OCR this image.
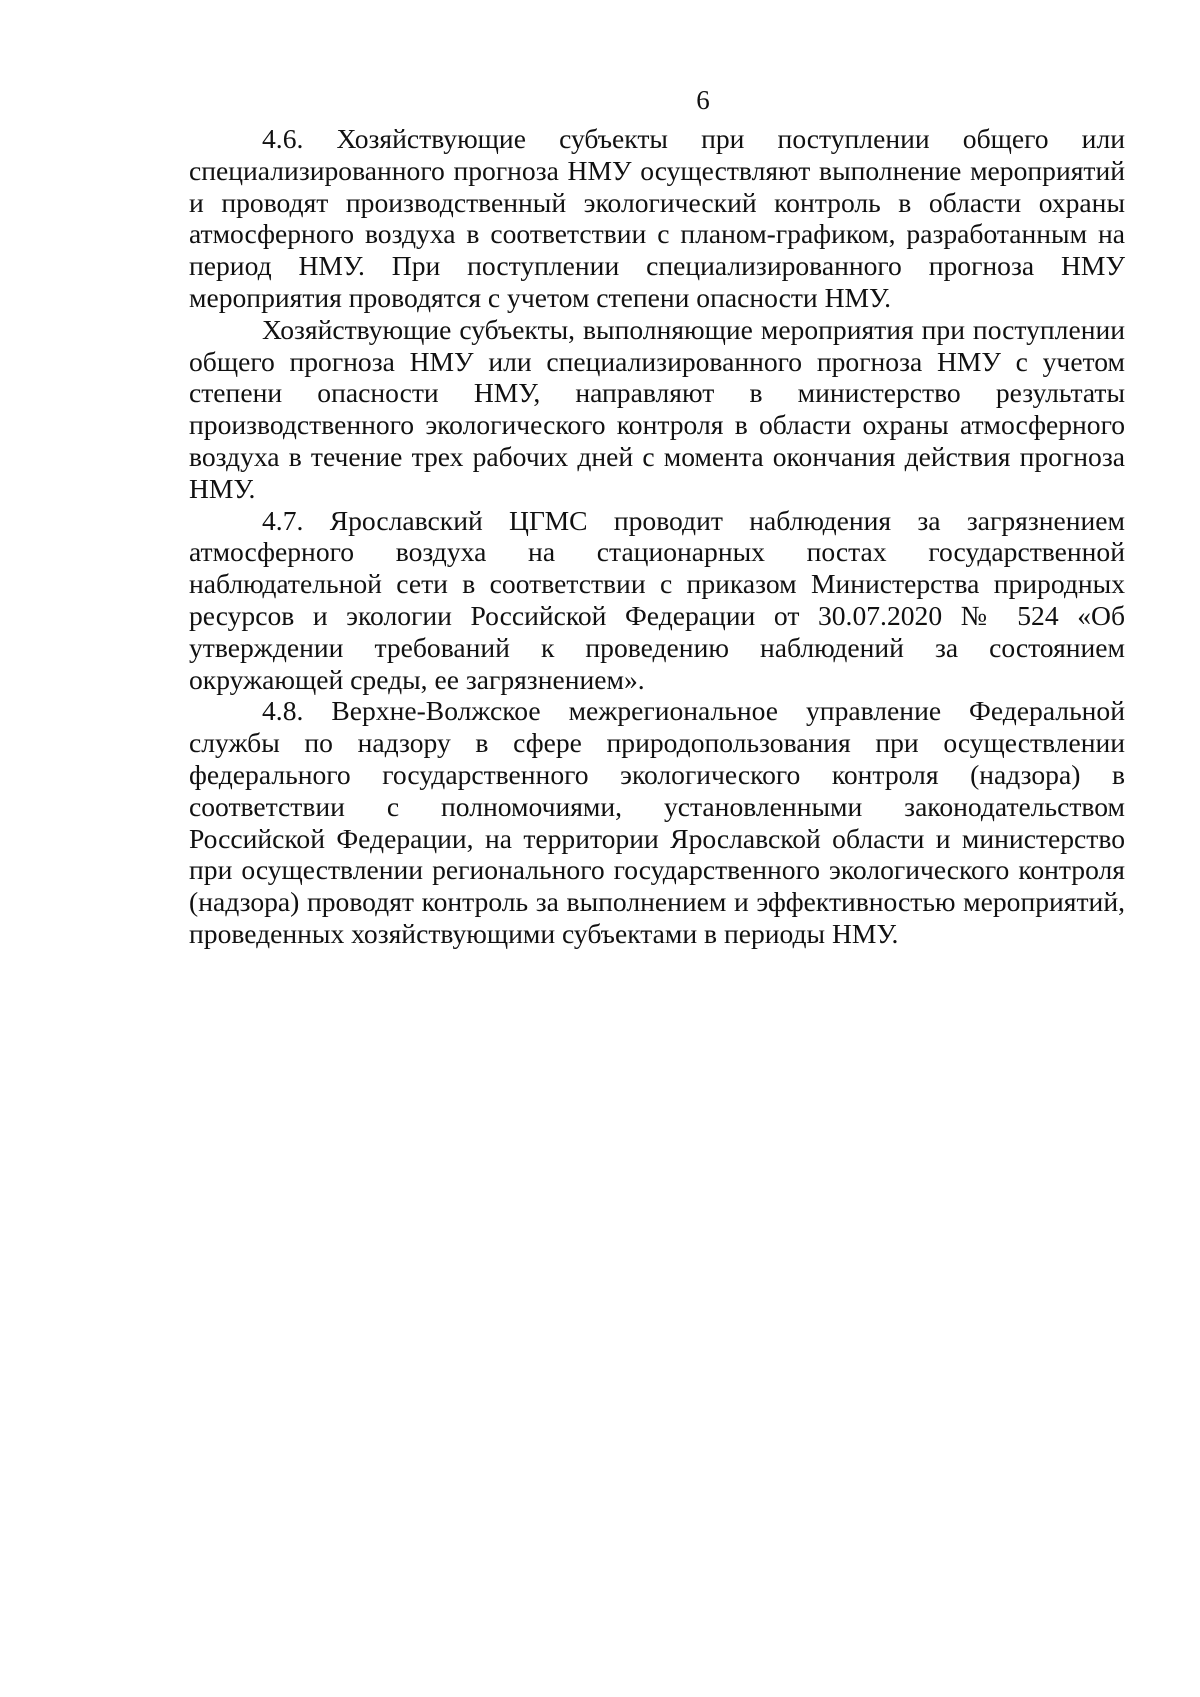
6

4.6. Хозяйствующие субъекты при поступлении общего или специализированного прогноза НМУ осуществляют выполнение мероприятий и проводят производственный экологический контроль в области охраны атмосферного воздуха в соответствии с планом-графиком, разработанным на период НМУ. При поступлении специализированного прогноза НМУ мероприятия проводятся с учетом степени опасности НМУ.

Хозяйствующие субъекты, выполняющие мероприятия при поступлении общего прогноза НМУ или специализированного прогноза НМУ с учетом степени опасности НМУ, направляют в министерство результаты производственного экологического контроля в области охраны атмосферного воздуха в течение трех рабочих дней с момента окончания действия прогноза НМУ.

4.7. Ярославский ЦГМС проводит наблюдения за загрязнением атмосферного воздуха на стационарных постах государственной наблюдательной сети в соответствии с приказом Министерства природных ресурсов и экологии Российской Федерации от 30.07.2020 № 524 «Об утверждении требований к проведению наблюдений за состоянием окружающей среды, ее загрязнением».

4.8. Верхне-Волжское межрегиональное управление Федеральной службы по надзору в сфере природопользования при осуществлении федерального государственного экологического контроля (надзора) в соответствии с полномочиями, установленными законодательством Российской Федерации, на территории Ярославской области и министерство при осуществлении регионального государственного экологического контроля (надзора) проводят контроль за выполнением и эффективностью мероприятий, проведенных хозяйствующими субъектами в периоды НМУ.
